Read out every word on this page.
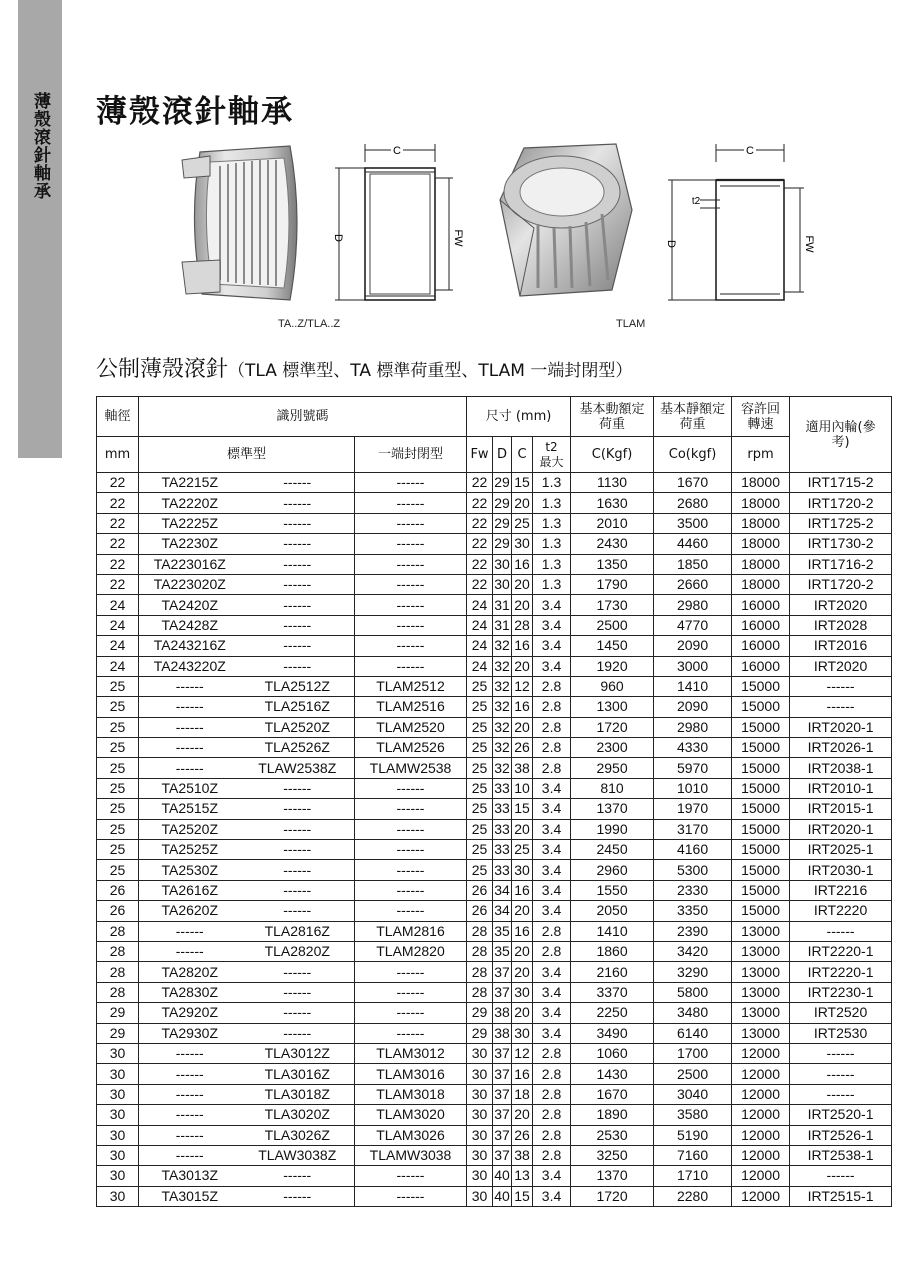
薄殼滾針軸承	薄殼滾針軸承
C
D	FW
TA..Z/TLA..Z
C
D	FW
t2
TLAM
公制薄殼滾針（TLA 標準型、TA 標準荷重型、TLAM 一端封閉型）
軸徑	識別號碼			尺寸 (mm)				基本動額定荷重	基本靜額定荷重	容許回轉速	適用內輪(參考)
mm	標準型		一端封閉型	Fw	D	C	t2
最大	C(Kgf)	Co(kgf)	rpm	
22	TA2215Z	------	------	22	29	15	1.3	1130	1670	18000	IRT1715-2
22	TA2220Z	------	------	22	29	20	1.3	1630	2680	18000	IRT1720-2
22	TA2225Z	------	------	22	29	25	1.3	2010	3500	18000	IRT1725-2
22	TA2230Z	------	------	22	29	30	1.3	2430	4460	18000	IRT1730-2
22	TA223016Z	------	------	22	30	16	1.3	1350	1850	18000	IRT1716-2
22	TA223020Z	------	------	22	30	20	1.3	1790	2660	18000	IRT1720-2
24	TA2420Z	------	------	24	31	20	3.4	1730	2980	16000	IRT2020
24	TA2428Z	------	------	24	31	28	3.4	2500	4770	16000	IRT2028
24	TA243216Z	------	------	24	32	16	3.4	1450	2090	16000	IRT2016
24	TA243220Z	------	------	24	32	20	3.4	1920	3000	16000	IRT2020
25	------	TLA2512Z	TLAM2512	25	32	12	2.8	960	1410	15000	------
25	------	TLA2516Z	TLAM2516	25	32	16	2.8	1300	2090	15000	------
25	------	TLA2520Z	TLAM2520	25	32	20	2.8	1720	2980	15000	IRT2020-1
25	------	TLA2526Z	TLAM2526	25	32	26	2.8	2300	4330	15000	IRT2026-1
25	------	TLAW2538Z	TLAMW2538	25	32	38	2.8	2950	5970	15000	IRT2038-1
25	TA2510Z	------	------	25	33	10	3.4	810	1010	15000	IRT2010-1
25	TA2515Z	------	------	25	33	15	3.4	1370	1970	15000	IRT2015-1
25	TA2520Z	------	------	25	33	20	3.4	1990	3170	15000	IRT2020-1
25	TA2525Z	------	------	25	33	25	3.4	2450	4160	15000	IRT2025-1
25	TA2530Z	------	------	25	33	30	3.4	2960	5300	15000	IRT2030-1
26	TA2616Z	------	------	26	34	16	3.4	1550	2330	15000	IRT2216
26	TA2620Z	------	------	26	34	20	3.4	2050	3350	15000	IRT2220
28	------	TLA2816Z	TLAM2816	28	35	16	2.8	1410	2390	13000	------
28	------	TLA2820Z	TLAM2820	28	35	20	2.8	1860	3420	13000	IRT2220-1
28	TA2820Z	------	------	28	37	20	3.4	2160	3290	13000	IRT2220-1
28	TA2830Z	------	------	28	37	30	3.4	3370	5800	13000	IRT2230-1
29	TA2920Z	------	------	29	38	20	3.4	2250	3480	13000	IRT2520
29	TA2930Z	------	------	29	38	30	3.4	3490	6140	13000	IRT2530
30	------	TLA3012Z	TLAM3012	30	37	12	2.8	1060	1700	12000	------
30	------	TLA3016Z	TLAM3016	30	37	16	2.8	1430	2500	12000	------
30	------	TLA3018Z	TLAM3018	30	37	18	2.8	1670	3040	12000	------
30	------	TLA3020Z	TLAM3020	30	37	20	2.8	1890	3580	12000	IRT2520-1
30	------	TLA3026Z	TLAM3026	30	37	26	2.8	2530	5190	12000	IRT2526-1
30	------	TLAW3038Z	TLAMW3038	30	37	38	2.8	3250	7160	12000	IRT2538-1
30	TA3013Z	------	------	30	40	13	3.4	1370	1710	12000	------
30	TA3015Z	------	------	30	40	15	3.4	1720	2280	12000	IRT2515-1
